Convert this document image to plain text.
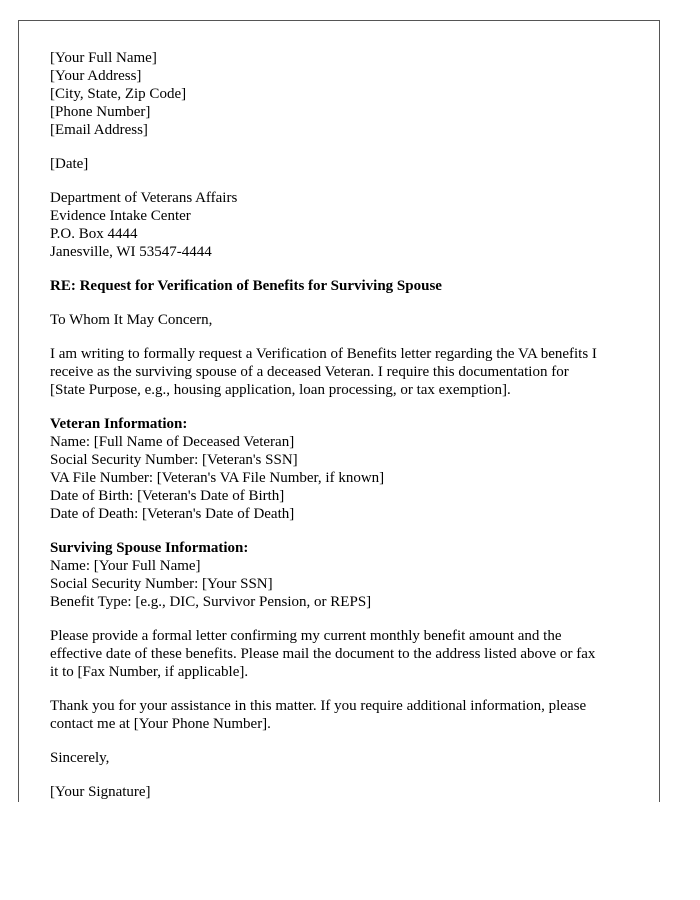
[Your Full Name]
[Your Address]
[City, State, Zip Code]
[Phone Number]
[Email Address]
[Date]
Department of Veterans Affairs
Evidence Intake Center
P.O. Box 4444
Janesville, WI 53547-4444
RE: Request for Verification of Benefits for Surviving Spouse
To Whom It May Concern,
I am writing to formally request a Verification of Benefits letter regarding the VA benefits I
receive as the surviving spouse of a deceased Veteran. I require this documentation for
[State Purpose, e.g., housing application, loan processing, or tax exemption].
Veteran Information:
Name: [Full Name of Deceased Veteran]
Social Security Number: [Veteran's SSN]
VA File Number: [Veteran's VA File Number, if known]
Date of Birth: [Veteran's Date of Birth]
Date of Death: [Veteran's Date of Death]
Surviving Spouse Information:
Name: [Your Full Name]
Social Security Number: [Your SSN]
Benefit Type: [e.g., DIC, Survivor Pension, or REPS]
Please provide a formal letter confirming my current monthly benefit amount and the
effective date of these benefits. Please mail the document to the address listed above or fax
it to [Fax Number, if applicable].
Thank you for your assistance in this matter. If you require additional information, please
contact me at [Your Phone Number].
Sincerely,
[Your Signature]
